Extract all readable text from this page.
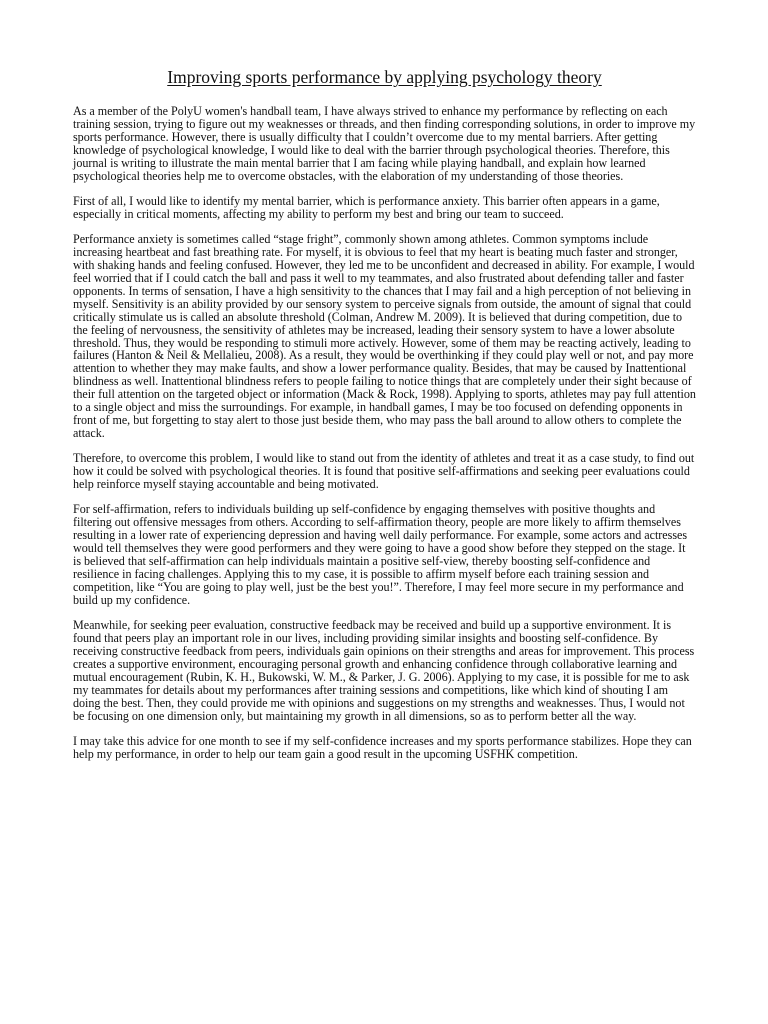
Improving sports performance by applying psychology theory

As a member of the PolyU women's handball team, I have always strived to enhance my performance by reflecting on each training session, trying to figure out my weaknesses or threads, and then finding corresponding solutions, in order to improve my sports performance. However, there is usually difficulty that I couldn’t overcome due to my mental barriers. After getting knowledge of psychological knowledge, I would like to deal with the barrier through psychological theories. Therefore, this journal is writing to illustrate the main mental barrier that I am facing while playing handball, and explain how learned psychological theories help me to overcome obstacles, with the elaboration of my understanding of those theories.

First of all, I would like to identify my mental barrier, which is performance anxiety. This barrier often appears in a game, especially in critical moments, affecting my ability to perform my best and bring our team to succeed.

Performance anxiety is sometimes called “stage fright”, commonly shown among athletes. Common symptoms include increasing heartbeat and fast breathing rate. For myself, it is obvious to feel that my heart is beating much faster and stronger, with shaking hands and feeling confused. However, they led me to be unconfident and decreased in ability. For example, I would feel worried that if I could catch the ball and pass it well to my teammates, and also frustrated about defending taller and faster opponents. In terms of sensation, I have a high sensitivity to the chances that I may fail and a high perception of not believing in myself. Sensitivity is an ability provided by our sensory system to perceive signals from outside, the amount of signal that could critically stimulate us is called an absolute threshold (Colman, Andrew M. 2009). It is believed that during competition, due to the feeling of nervousness, the sensitivity of athletes may be increased, leading their sensory system to have a lower absolute threshold. Thus, they would be responding to stimuli more actively. However, some of them may be reacting actively, leading to failures (Hanton & Neil & Mellalieu, 2008). As a result, they would be overthinking if they could play well or not, and pay more attention to whether they may make faults, and show a lower performance quality. Besides, that may be caused by Inattentional blindness as well. Inattentional blindness refers to people failing to notice things that are completely under their sight because of their full attention on the targeted object or information (Mack & Rock, 1998). Applying to sports, athletes may pay full attention to a single object and miss the surroundings. For example, in handball games, I may be too focused on defending opponents in front of me, but forgetting to stay alert to those just beside them, who may pass the ball around to allow others to complete the attack.

Therefore, to overcome this problem, I would like to stand out from the identity of athletes and treat it as a case study, to find out how it could be solved with psychological theories. It is found that positive self-affirmations and seeking peer evaluations could help reinforce myself staying accountable and being motivated.

For self-affirmation, refers to individuals building up self-confidence by engaging themselves with positive thoughts and filtering out offensive messages from others. According to self-affirmation theory, people are more likely to affirm themselves resulting in a lower rate of experiencing depression and having well daily performance. For example, some actors and actresses would tell themselves they were good performers and they were going to have a good show before they stepped on the stage. It is believed that self-affirmation can help individuals maintain a positive self-view, thereby boosting self-confidence and resilience in facing challenges. Applying this to my case, it is possible to affirm myself before each training session and competition, like “You are going to play well, just be the best you!”. Therefore, I may feel more secure in my performance and build up my confidence.

Meanwhile, for seeking peer evaluation, constructive feedback may be received and build up a supportive environment. It is found that peers play an important role in our lives, including providing similar insights and boosting self-confidence. By receiving constructive feedback from peers, individuals gain opinions on their strengths and areas for improvement. This process creates a supportive environment, encouraging personal growth and enhancing confidence through collaborative learning and mutual encouragement (Rubin, K. H., Bukowski, W. M., & Parker, J. G. 2006). Applying to my case, it is possible for me to ask my teammates for details about my performances after training sessions and competitions, like which kind of shouting I am doing the best. Then, they could provide me with opinions and suggestions on my strengths and weaknesses. Thus, I would not be focusing on one dimension only, but maintaining my growth in all dimensions, so as to perform better all the way.

I may take this advice for one month to see if my self-confidence increases and my sports performance stabilizes. Hope they can help my performance, in order to help our team gain a good result in the upcoming USFHK competition.
